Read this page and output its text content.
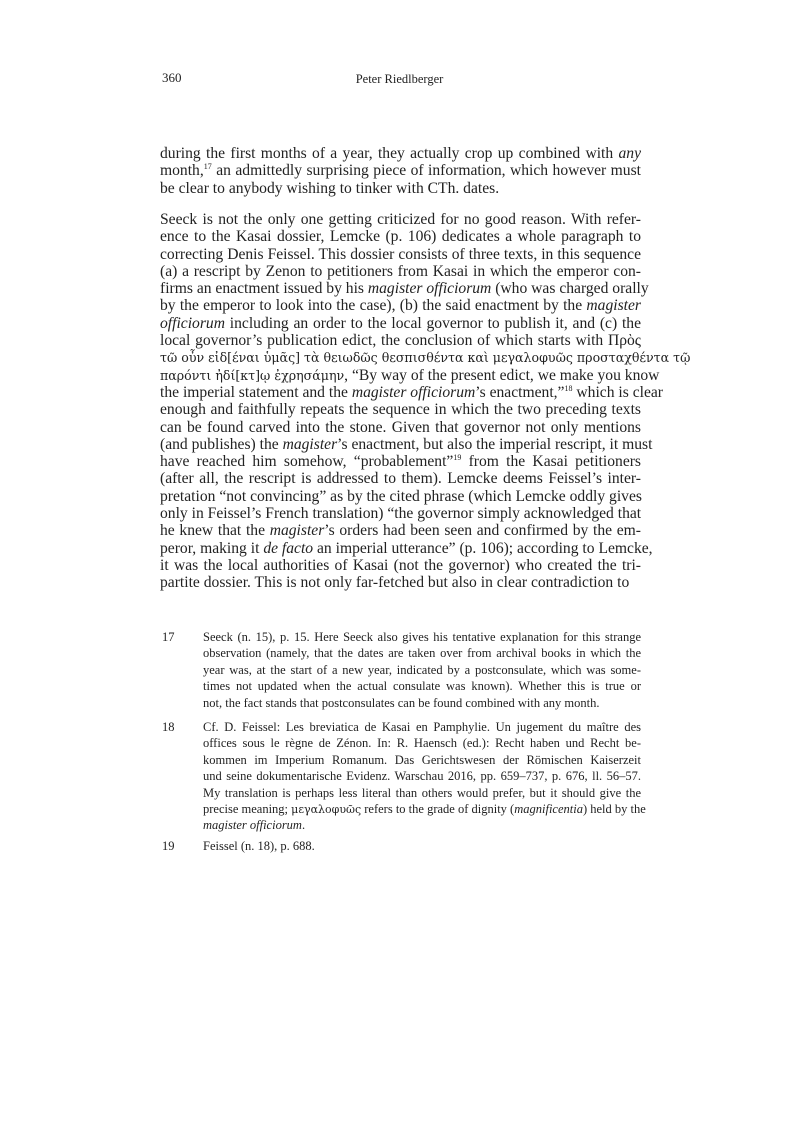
360	Peter Riedlberger
during the first months of a year, they actually crop up combined with any
month,$^{17}$ an admittedly surprising piece of information, which however must
be clear to anybody wishing to tinker with CTh. dates.
Seeck is not the only one getting criticized for no good reason. With refer-
ence to the Kasai dossier, Lemcke (p. 106) dedicates a whole paragraph to
correcting Denis Feissel. This dossier consists of three texts, in this sequence
(a) a rescript by Zenon to petitioners from Kasai in which the emperor con-
firms an enactment issued by his magister officiorum (who was charged orally
by the emperor to look into the case), (b) the said enactment by the magister
officiorum including an order to the local governor to publish it, and (c) the
local governor’s publication edict, the conclusion of which starts with Πρὸς
τῶ οὖν εἰδ[έναι ὑμᾶς] τὰ θειωδῶς θεσπισθέντα καὶ μεγαλοφυῶς προσταχθέντα τῷ
παρόντι ἠδί[κτ]ῳ ἐχρησάμην, “By way of the present edict, we make you know
the imperial statement and the magister officiorum’s enactment,”$^{18}$ which is clear
enough and faithfully repeats the sequence in which the two preceding texts
can be found carved into the stone. Given that governor not only mentions
(and publishes) the magister’s enactment, but also the imperial rescript, it must
have reached him somehow, “probablement”$^{19}$ from the Kasai petitioners
(after all, the rescript is addressed to them). Lemcke deems Feissel’s inter-
pretation “not convincing” as by the cited phrase (which Lemcke oddly gives
only in Feissel’s French translation) “the governor simply acknowledged that
he knew that the magister’s orders had been seen and confirmed by the em-
peror, making it de facto an imperial utterance” (p. 106); according to Lemcke,
it was the local authorities of Kasai (not the governor) who created the tri-
partite dossier. This is not only far-fetched but also in clear contradiction to
17 Seeck (n. 15), p. 15. Here Seeck also gives his tentative explanation for this strange
observation (namely, that the dates are taken over from archival books in which the
year was, at the start of a new year, indicated by a postconsulate, which was some-
times not updated when the actual consulate was known). Whether this is true or
not, the fact stands that postconsulates can be found combined with any month.
18 Cf. D. Feissel: Les breviatica de Kasai en Pamphylie. Un jugement du maître des
offices sous le règne de Zénon. In: R. Haensch (ed.): Recht haben und Recht be-
kommen im Imperium Romanum. Das Gerichtswesen der Römischen Kaiserzeit
und seine dokumentarische Evidenz. Warschau 2016, pp. 659–737, p. 676, ll. 56–57.
My translation is perhaps less literal than others would prefer, but it should give the
precise meaning; μεγαλοφυῶς refers to the grade of dignity (magnificentia) held by the
magister officiorum.
19 Feissel (n. 18), p. 688.
